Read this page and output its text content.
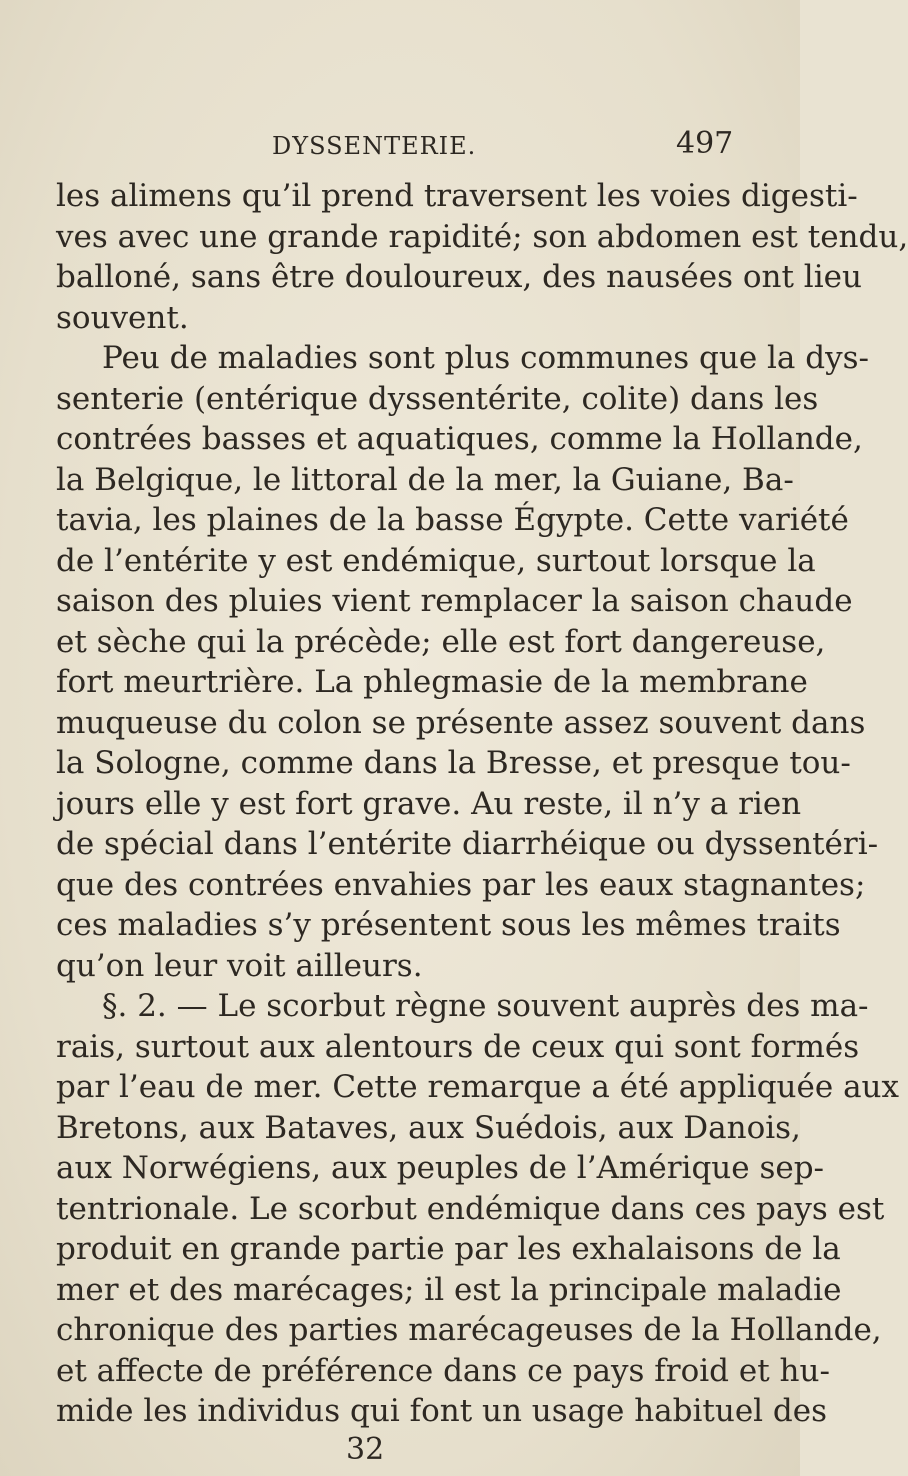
DYSSENTERIE.	497
les alimens qu’il prend traversent les voies digesti-
ves avec une grande rapidité; son abdomen est tendu,
balloné, sans être douloureux, des nausées ont lieu
souvent.
Peu de maladies sont plus communes que la dys-
senterie (entérique dyssentérite, colite) dans les
contrées basses et aquatiques, comme la Hollande,
la Belgique, le littoral de la mer, la Guiane, Ba-
tavia, les plaines de la basse Égypte. Cette variété
de l’entérite y est endémique, surtout lorsque la
saison des pluies vient remplacer la saison chaude
et sèche qui la précède; elle est fort dangereuse,
fort meurtrière. La phlegmasie de la membrane
muqueuse du colon se présente assez souvent dans
la Sologne, comme dans la Bresse, et presque tou-
jours elle y est fort grave. Au reste, il n’y a rien
de spécial dans l’entérite diarrhéique ou dyssentéri-
que des contrées envahies par les eaux stagnantes;
ces maladies s’y présentent sous les mêmes traits
qu’on leur voit ailleurs.
§. 2. — Le scorbut règne souvent auprès des ma-
rais, surtout aux alentours de ceux qui sont formés
par l’eau de mer. Cette remarque a été appliquée aux
Bretons, aux Bataves, aux Suédois, aux Danois,
aux Norwégiens, aux peuples de l’Amérique sep-
tentrionale. Le scorbut endémique dans ces pays est
produit en grande partie par les exhalaisons de la
mer et des marécages; il est la principale maladie
chronique des parties marécageuses de la Hollande,
et affecte de préférence dans ce pays froid et hu-
mide les individus qui font un usage habituel des
32
